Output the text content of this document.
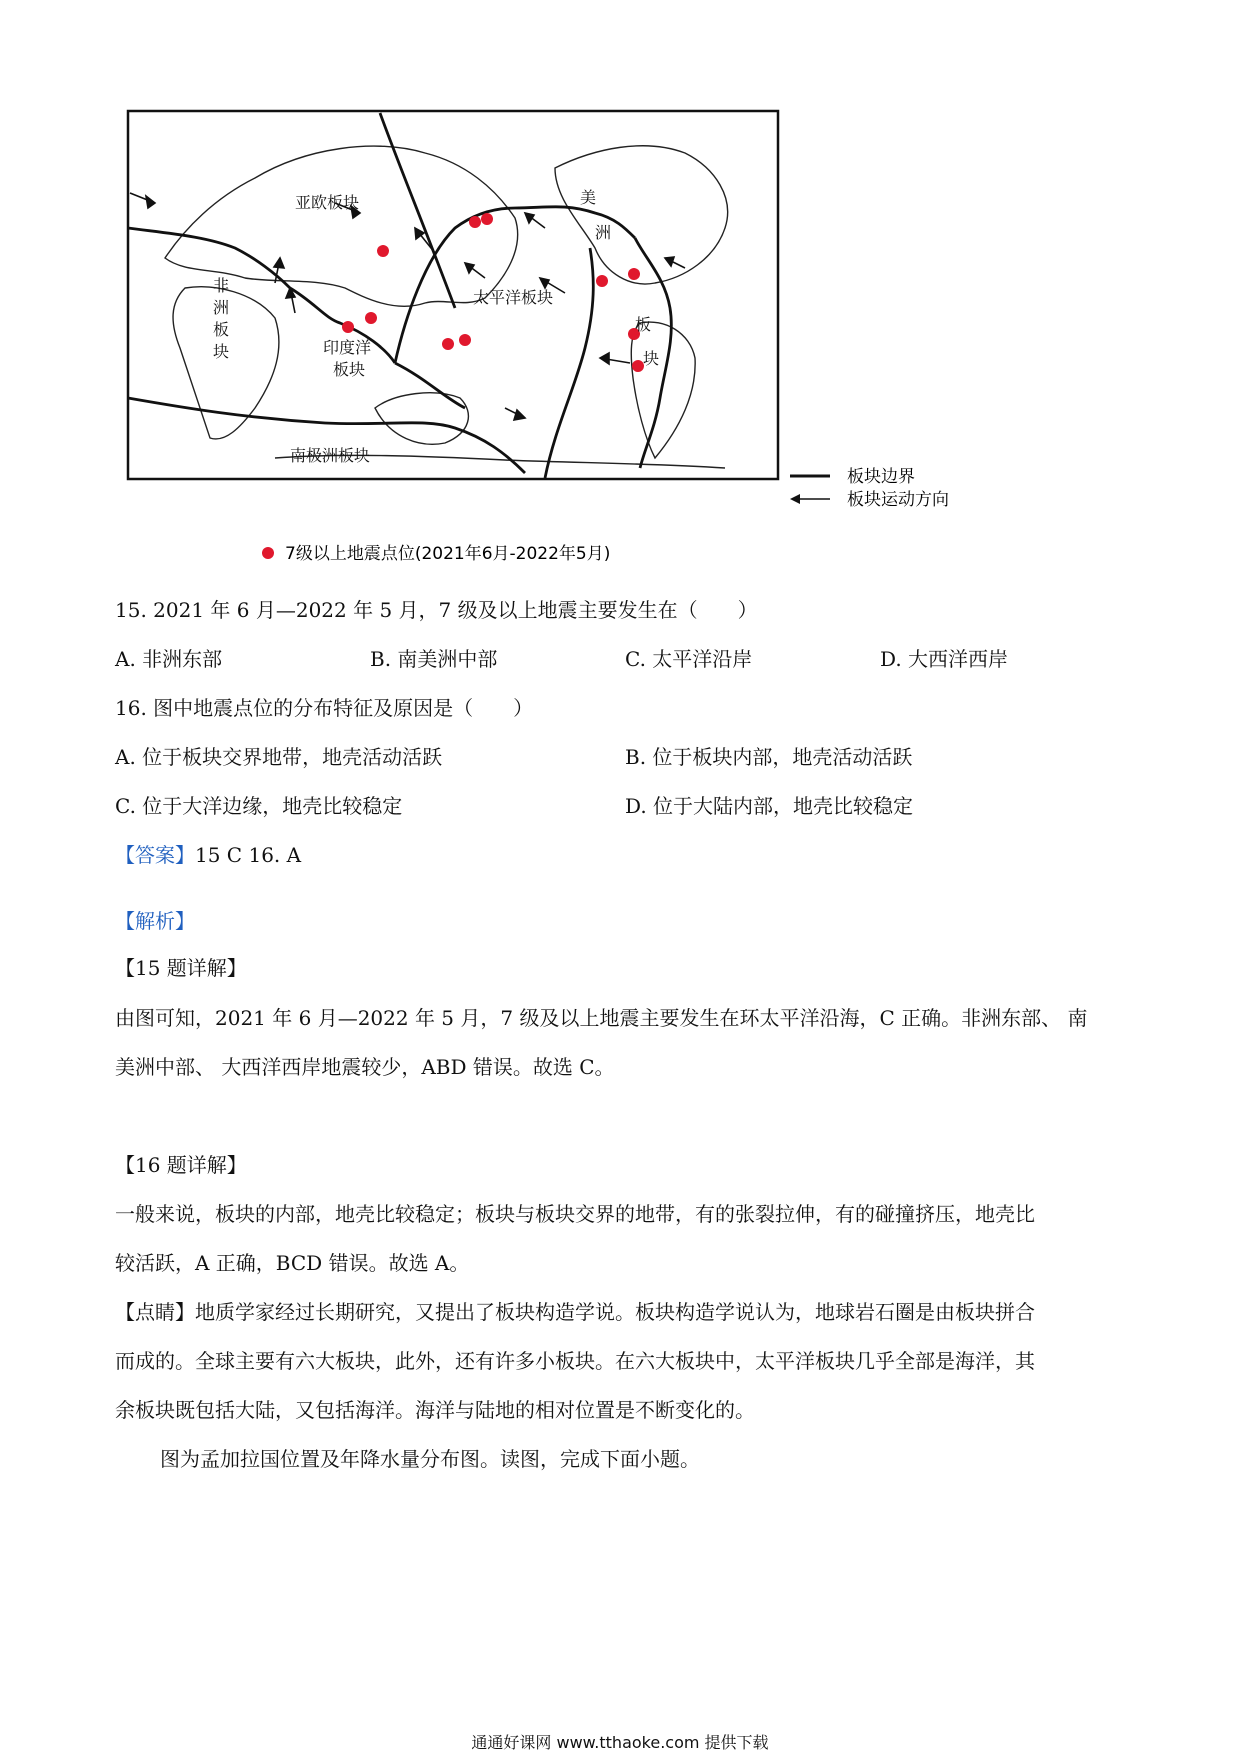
亚欧板块	美
洲
板
块
非
洲
板
块
太平洋板块
印度洋
板块
南极洲板块
板块边界
板块运动方向
7级以上地震点位(2021年6月-2022年5月)
15. 2021 年 6 月—2022 年 5 月，7 级及以上地震主要发生在（　　）
A. 非洲东部	B. 南美洲中部	C. 太平洋沿岸	D. 大西洋西岸
16. 图中地震点位的分布特征及原因是（　　）
A. 位于板块交界地带，地壳活动活跃	B. 位于板块内部，地壳活动活跃
C. 位于大洋边缘，地壳比较稳定	D. 位于大陆内部，地壳比较稳定
【答案】15 C 16. A
【解析】
【15 题详解】
由图可知，2021 年 6 月—2022 年 5 月，7 级及以上地震主要发生在环太平洋沿海，C 正确。非洲东部、 南
美洲中部、 大西洋西岸地震较少，ABD 错误。故选 C。
【16 题详解】
一般来说，板块的内部，地壳比较稳定；板块与板块交界的地带，有的张裂拉伸，有的碰撞挤压，地壳比
较活跃，A 正确，BCD 错误。故选 A。
【点睛】地质学家经过长期研究，又提出了板块构造学说。板块构造学说认为，地球岩石圈是由板块拼合
而成的。全球主要有六大板块，此外，还有许多小板块。在六大板块中，太平洋板块几乎全部是海洋，其
余板块既包括大陆，又包括海洋。海洋与陆地的相对位置是不断变化的。
图为孟加拉国位置及年降水量分布图。读图，完成下面小题。
通通好课网 www.tthaoke.com 提供下载
